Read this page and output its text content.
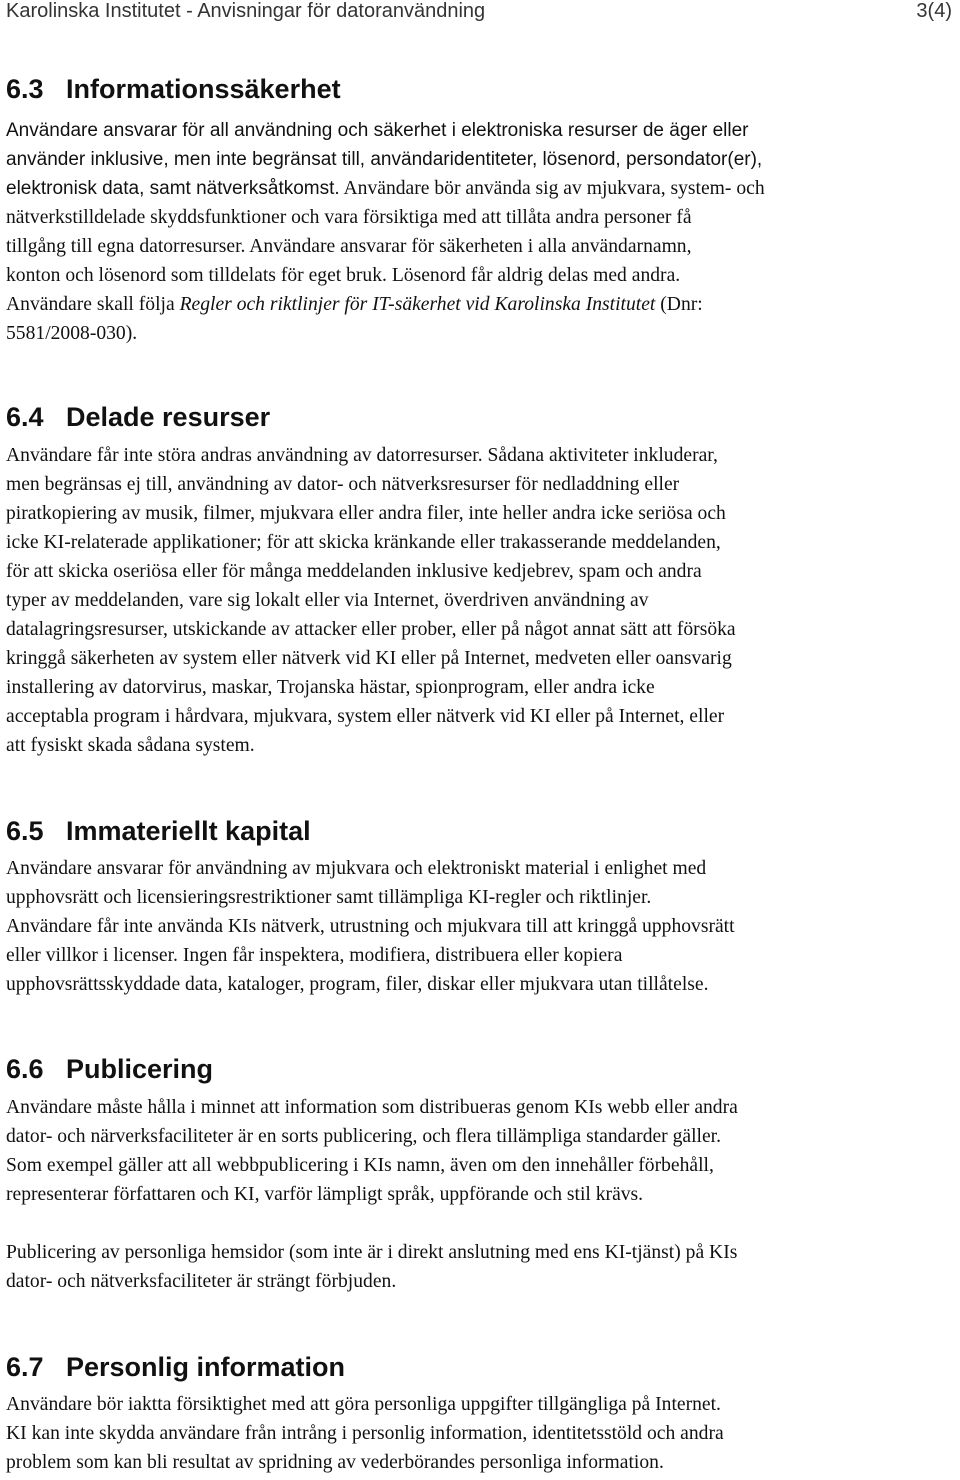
Karolinska Institutet - Anvisningar för datoranvändning	3(4)
6.3 Informationssäkerhet
Användare ansvarar för all användning och säkerhet i elektroniska resurser de äger eller
använder inklusive, men inte begränsat till, användaridentiteter, lösenord, persondator(er),
elektronisk data, samt nätverksåtkomst. Användare bör använda sig av mjukvara, system- och
nätverkstilldelade skyddsfunktioner och vara försiktiga med att tillåta andra personer få
tillgång till egna datorresurser. Användare ansvarar för säkerheten i alla användarnamn,
konton och lösenord som tilldelats för eget bruk. Lösenord får aldrig delas med andra.
Användare skall följa Regler och riktlinjer för IT-säkerhet vid Karolinska Institutet (Dnr:
5581/2008-030).
6.4 Delade resurser
Användare får inte störa andras användning av datorresurser. Sådana aktiviteter inkluderar,
men begränsas ej till, användning av dator- och nätverksresurser för nedladdning eller
piratkopiering av musik, filmer, mjukvara eller andra filer, inte heller andra icke seriösa och
icke KI-relaterade applikationer; för att skicka kränkande eller trakasserande meddelanden,
för att skicka oseriösa eller för många meddelanden inklusive kedjebrev, spam och andra
typer av meddelanden, vare sig lokalt eller via Internet, överdriven användning av
datalagringsresurser, utskickande av attacker eller prober, eller på något annat sätt att försöka
kringgå säkerheten av system eller nätverk vid KI eller på Internet, medveten eller oansvarig
installering av datorvirus, maskar, Trojanska hästar, spionprogram, eller andra icke
acceptabla program i hårdvara, mjukvara, system eller nätverk vid KI eller på Internet, eller
att fysiskt skada sådana system.
6.5 Immateriellt kapital
Användare ansvarar för användning av mjukvara och elektroniskt material i enlighet med
upphovsrätt och licensieringsrestriktioner samt tillämpliga KI-regler och riktlinjer.
Användare får inte använda KIs nätverk, utrustning och mjukvara till att kringgå upphovsrätt
eller villkor i licenser. Ingen får inspektera, modifiera, distribuera eller kopiera
upphovsrättsskyddade data, kataloger, program, filer, diskar eller mjukvara utan tillåtelse.
6.6 Publicering
Användare måste hålla i minnet att information som distribueras genom KIs webb eller andra
dator- och närverksfaciliteter är en sorts publicering, och flera tillämpliga standarder gäller.
Som exempel gäller att all webbpublicering i KIs namn, även om den innehåller förbehåll,
representerar författaren och KI, varför lämpligt språk, uppförande och stil krävs.
Publicering av personliga hemsidor (som inte är i direkt anslutning med ens KI-tjänst) på KIs
dator- och nätverksfaciliteter är strängt förbjuden.
6.7 Personlig information
Användare bör iaktta försiktighet med att göra personliga uppgifter tillgängliga på Internet.
KI kan inte skydda användare från intrång i personlig information, identitetsstöld och andra
problem som kan bli resultat av spridning av vederbörandes personliga information.
